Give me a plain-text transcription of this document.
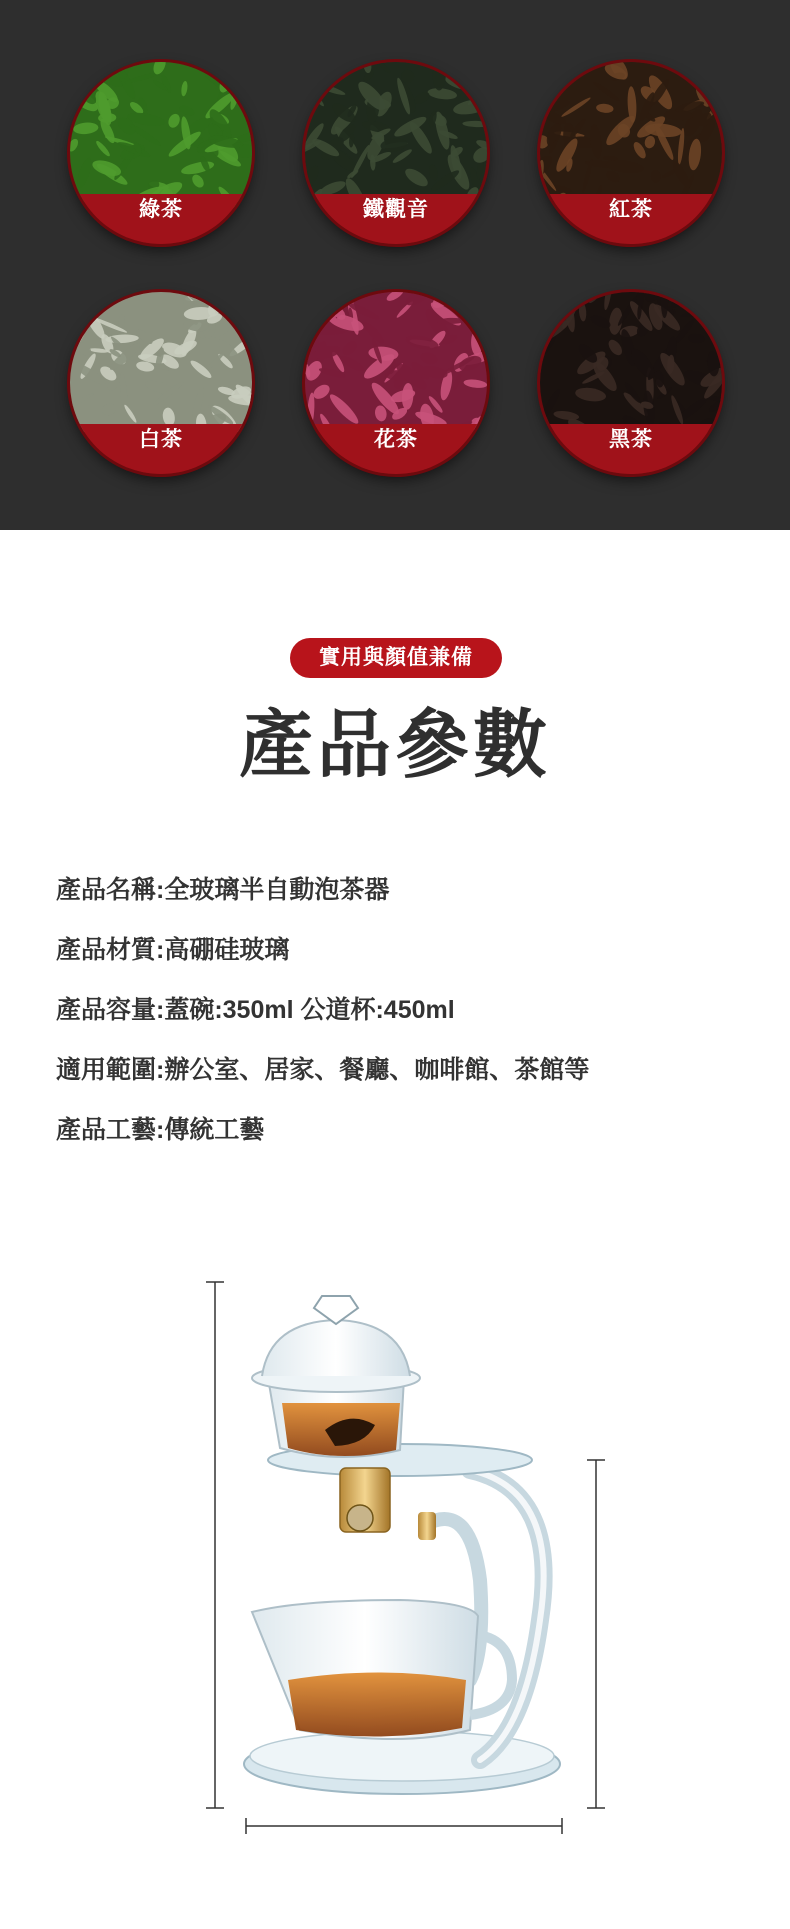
綠茶	鐵觀音	紅茶
白茶	花茶	黑茶
實用與顏值兼備
產品參數
產品名稱:全玻璃半自動泡茶器
產品材質:高硼硅玻璃
產品容量:蓋碗:350ml 公道杯:450ml
適用範圍:辦公室、居家、餐廳、咖啡館、茶館等
產品工藝:傳統工藝
